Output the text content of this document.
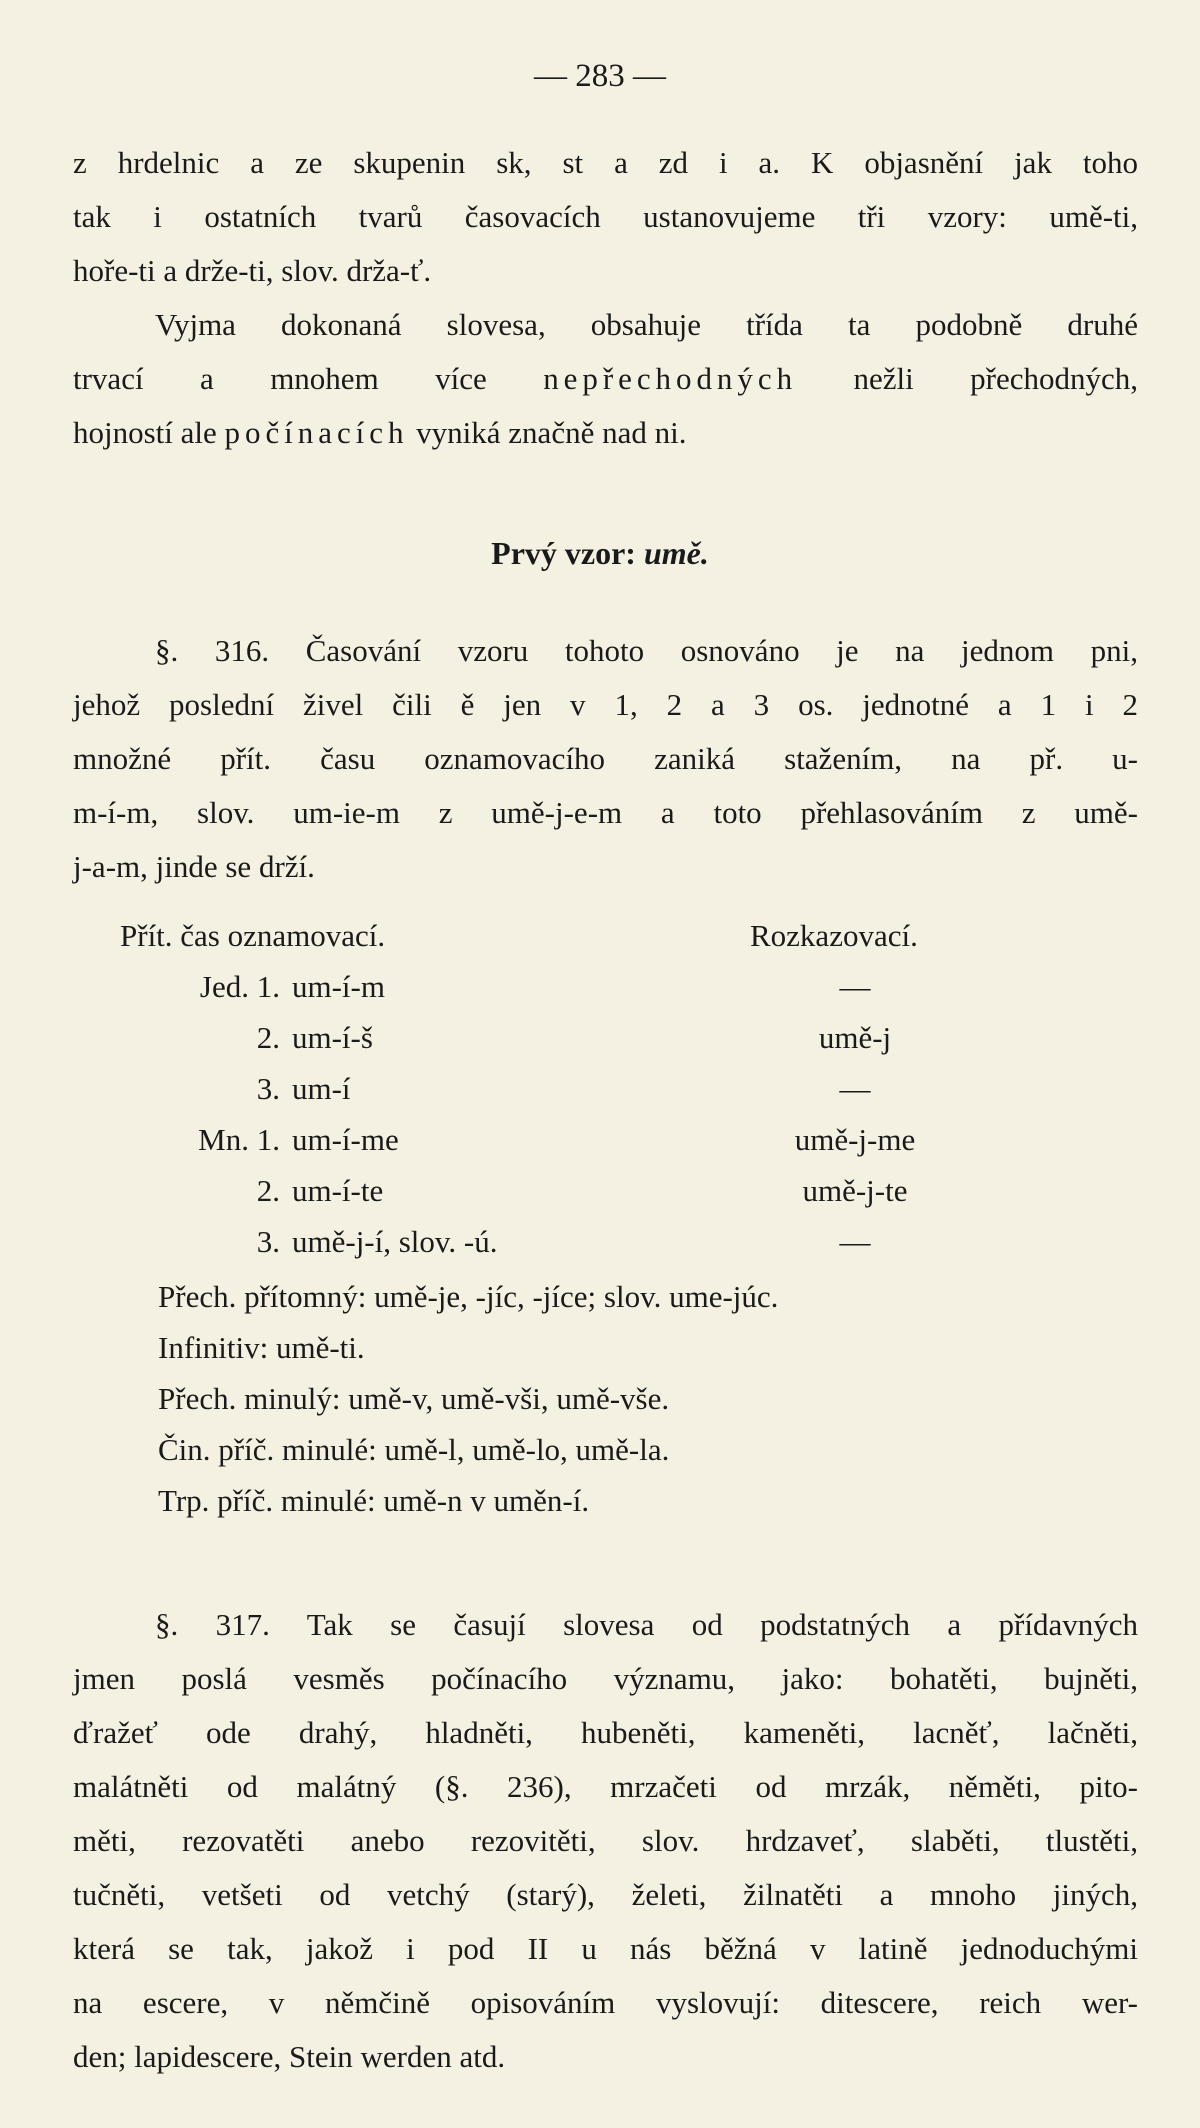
— 283 —
z hrdelnic a ze skupenin sk, st a zd i a. K objasnění jak toho
tak i ostatních tvarů časovacích ustanovujeme tři vzory: umě-ti,
hoře-ti a drže-ti, slov. drža-ť.
Vyjma dokonaná slovesa, obsahuje třída ta podobně druhé
trvací a mnohem více nepřechodných nežli přechodných,
hojností ale počínacích vyniká značně nad ni.
Prvý vzor: umě.
§. 316. Časování vzoru tohoto osnováno je na jednom pni,
jehož poslední živel čili ě jen v 1, 2 a 3 os. jednotné a 1 i 2
množné přít. času oznamovacího zaniká stažením, na př. u-
m-í-m, slov. um-ie-m z umě-j-e-m a toto přehlasováním z umě-
j-a-m, jinde se drží.
Přít. čas oznamovací.	Rozkazovací.
Jed. 1. um-í-m	—
2. um-í-š	umě-j
3. um-í	—
Mn. 1. um-í-me	umě-j-me
2. um-í-te	umě-j-te
3. umě-j-í, slov. -ú.	—
Přech. přítomný: umě-je, -jíc, -jíce; slov. ume-júc.
Infinitiv: umě-ti.
Přech. minulý: umě-v, umě-vši, umě-vše.
Čin. příč. minulé: umě-l, umě-lo, umě-la.
Trp. příč. minulé: umě-n v uměn-í.
§. 317. Tak se časují slovesa od podstatných a přídavných
jmen poslá vesměs počínacího významu, jako: bohatěti, bujněti,
ďražeť ode drahý, hladněti, hubeněti, kameněti, lacněť, lačněti,
malátněti od malátný (§. 236), mrzačeti od mrzák, něměti, pito-
měti, rezovatěti anebo rezovitěti, slov. hrdzaveť, slaběti, tlustěti,
tučněti, vetšeti od vetchý (starý), želeti, žilnatěti a mnoho jiných,
která se tak, jakož i pod II u nás běžná v latině jednoduchými
na escere, v němčině opisováním vyslovují: ditescere, reich wer-
den; lapidescere, Stein werden atd.
